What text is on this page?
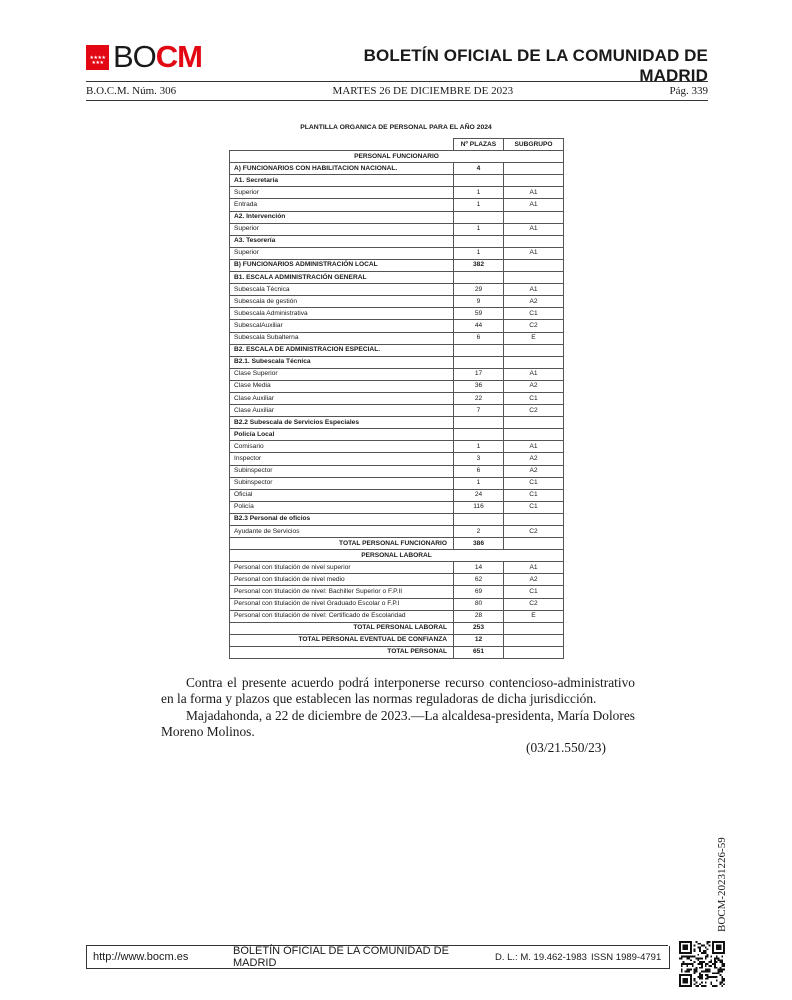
★★★★
★★★ BOCM	BOLETÍN OFICIAL DE LA COMUNIDAD DE MADRID
B.O.C.M. Núm. 306	MARTES 26 DE DICIEMBRE DE 2023	Pág. 339
PLANTILLA ORGANICA DE PERSONAL PARA EL AÑO 2024
	Nº PLAZAS	SUBGRUPO
PERSONAL FUNCIONARIO		
A) FUNCIONARIOS CON HABILITACION NACIONAL.	4	
A1. Secretaría		
Superior	1	A1
Entrada	1	A1
A2. Intervención		
Superior	1	A1
A3. Tesorería		
Superior	1	A1
B) FUNCIONARIOS ADMINISTRACIÓN LOCAL	382	
B1. ESCALA ADMINISTRACIÓN GENERAL		
Subescala Técnica	29	A1
Subescala de gestión	9	A2
Subescala Administrativa	59	C1
SubescalAuxiliar	44	C2
Subescala Subalterna	6	E
B2. ESCALA DE ADMINISTRACION ESPECIAL.		
B2.1. Subescala Técnica		
Clase Superior	17	A1
Clase Media	36	A2
Clase Auxiliar	22	C1
Clase Auxiliar	7	C2
B2.2 Subescala de Servicios Especiales		
Policía Local		
Comisario	1	A1
Inspector	3	A2
Subinspector	6	A2
Subinspector	1	C1
Oficial	24	C1
Policía	116	C1
B2.3 Personal de oficios		
Ayudante de Servicios	2	C2
TOTAL PERSONAL FUNCIONARIO	386	
PERSONAL LABORAL		
Personal con titulación de nivel superior	14	A1
Personal con titulación de nivel medio	62	A2
Personal con titulación de nivel: Bachiller Superior o F.P.II	69	C1
Personal con titulación de nivel Graduado Escolar o F.P.I	80	C2
Personal con titulación de nivel: Certificado de Escolaridad	28	E
TOTAL PERSONAL LABORAL	253	
TOTAL PERSONAL EVENTUAL DE CONFIANZA	12	
TOTAL PERSONAL	651	
Contra el presente acuerdo podrá interponerse recurso contencioso-administrativo en la forma y plazos que establecen las normas reguladoras de dicha jurisdicción.
Majadahonda, a 22 de diciembre de 2023.—La alcaldesa-presidenta, María Dolores Moreno Molinos.
(03/21.550/23)
BOCM-20231226-59
http://www.bocm.es	BOLETÍN OFICIAL DE LA COMUNIDAD DE MADRID	D. L.: M. 19.462-1983 ISSN 1989-4791
